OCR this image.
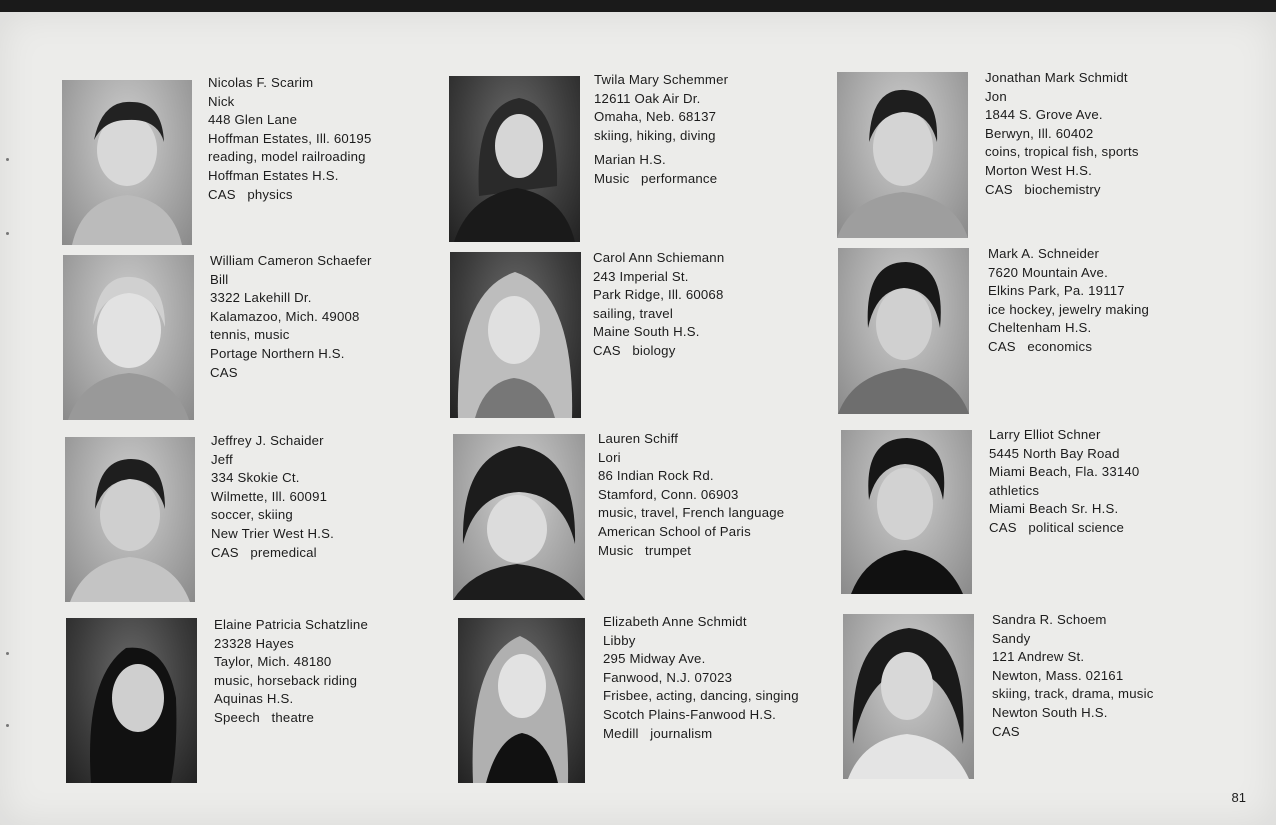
Nicolas F. Scarim
Nick
448 Glen Lane
Hoffman Estates, Ill. 60195
reading, model railroading
Hoffman Estates H.S.
CAS physics
William Cameron Schaefer
Bill
3322 Lakehill Dr.
Kalamazoo, Mich. 49008
tennis, music
Portage Northern H.S.
CAS
Jeffrey J. Schaider
Jeff
334 Skokie Ct.
Wilmette, Ill. 60091
soccer, skiing
New Trier West H.S.
CAS premedical
Elaine Patricia Schatzline
23328 Hayes
Taylor, Mich. 48180
music, horseback riding
Aquinas H.S.
Speech theatre
Twila Mary Schemmer
12611 Oak Air Dr.
Omaha, Neb. 68137
skiing, hiking, diving
Marian H.S.
Music performance
Carol Ann Schiemann
243 Imperial St.
Park Ridge, Ill. 60068
sailing, travel
Maine South H.S.
CAS biology
Lauren Schiff
Lori
86 Indian Rock Rd.
Stamford, Conn. 06903
music, travel, French language
American School of Paris
Music trumpet
Elizabeth Anne Schmidt
Libby
295 Midway Ave.
Fanwood, N.J. 07023
Frisbee, acting, dancing, singing
Scotch Plains-Fanwood H.S.
Medill journalism
Jonathan Mark Schmidt
Jon
1844 S. Grove Ave.
Berwyn, Ill. 60402
coins, tropical fish, sports
Morton West H.S.
CAS biochemistry
Mark A. Schneider
7620 Mountain Ave.
Elkins Park, Pa. 19117
ice hockey, jewelry making
Cheltenham H.S.
CAS economics
Larry Elliot Schner
5445 North Bay Road
Miami Beach, Fla. 33140
athletics
Miami Beach Sr. H.S.
CAS political science
Sandra R. Schoem
Sandy
121 Andrew St.
Newton, Mass. 02161
skiing, track, drama, music
Newton South H.S.
CAS
81
